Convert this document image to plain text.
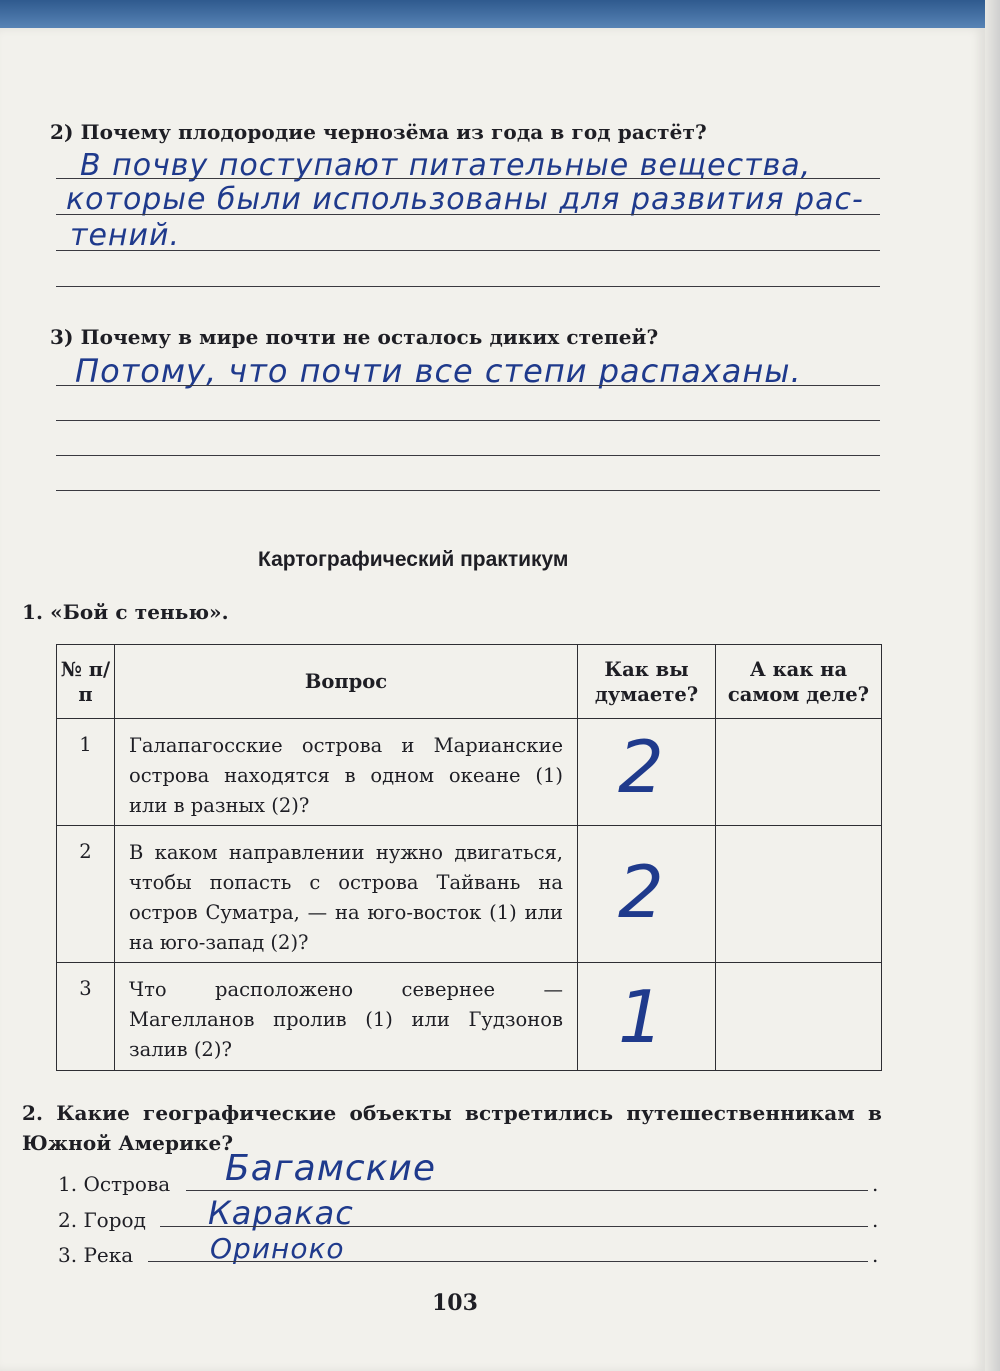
2) Почему плодородие чернозёма из года в год растёт?
В почву поступают питательные вещества,
которые были использованы для развития рас-
тений.
3) Почему в мире почти не осталось диких степей?
Потому, что почти все степи распаханы.
Картографический практикум
1. «Бой с тенью».
№ п/п	Вопрос	Как вы думаете?	А как на самом деле?
1	Галапагосские острова и Марианские острова находятся в одном океане (1) или в разных (2)?	2	

2	В каком направлении нужно двигаться, чтобы попасть с острова Тайвань на остров Суматра, — на юго-восток (1) или на юго-запад (2)?	2	

3	Что расположено севернее — Магелланов пролив (1) или Гудзонов залив (2)?	1	

2. Какие географические объекты встретились путешественникам в Южной Америке?
1. Острова Багамские	.
2. Город Каракас	.
3. Река	Ориноко	.
103
